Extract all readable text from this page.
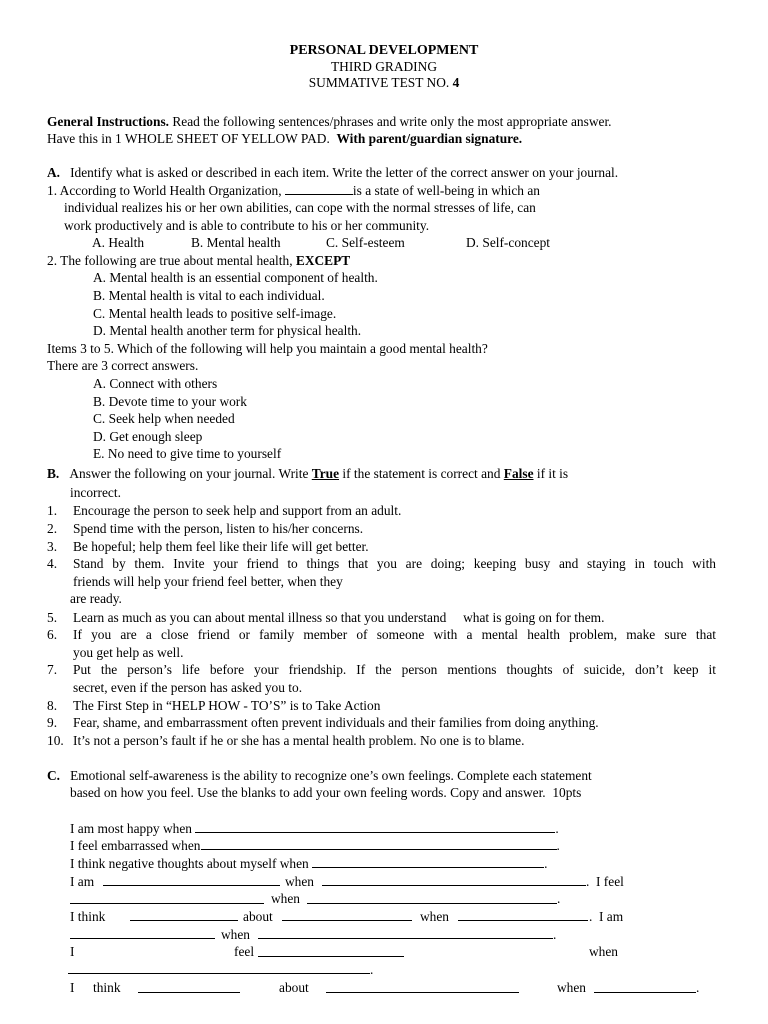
PERSONAL DEVELOPMENT
THIRD GRADING
SUMMATIVE TEST NO. 4
General Instructions. Read the following sentences/phrases and write only the most appropriate answer.
Have this in 1 WHOLE SHEET OF YELLOW PAD. With parent/guardian signature.
A. Identify what is asked or described in each item. Write the letter of the correct answer on your journal.
1. According to World Health Organization,	is a state of well-being in which an
individual realizes his or her own abilities, can cope with the normal stresses of life, can
work productively and is able to contribute to his or her community.
A. Health	B. Mental health	C. Self-esteem	D. Self-concept
2. The following are true about mental health, EXCEPT
A. Mental health is an essential component of health.
B. Mental health is vital to each individual.
C. Mental health leads to positive self-image.
D. Mental health another term for physical health.
Items 3 to 5. Which of the following will help you maintain a good mental health?
There are 3 correct answers.
A. Connect with others
B. Devote time to your work
C. Seek help when needed
D. Get enough sleep
E. No need to give time to yourself
B. Answer the following on your journal. Write True if the statement is correct and False if it is
incorrect.
1. Encourage the person to seek help and support from an adult.
2. Spend time with the person, listen to his/her concerns.
3. Be hopeful; help them feel like their life will get better.
4. Stand by them. Invite your friend to things that you are doing; keeping busy and staying in touch with
friends will help your friend feel better, when they
are ready.
5. Learn as much as you can about mental illness so that you understand     what is going on for them.
6. If you are a close friend or family member of someone with a mental health problem, make sure that
you get help as well.
7. Put the person’s life before your friendship. If the person mentions thoughts of suicide, don’t keep it
secret, even if the person has asked you to.
8. The First Step in “HELP HOW - TO’S” is to Take Action
9. Fear, shame, and embarrassment often prevent individuals and their families from doing anything.
10. It’s not a person’s fault if he or she has a mental health problem. No one is to blame.
C. Emotional self-awareness is the ability to recognize one’s own feelings. Complete each statement
based on how you feel. Use the blanks to add your own feeling words. Copy and answer.  10pts
I am most happy when	.
I feel embarrassed when	.
I think negative thoughts about myself when	.
I am	when	. I feel
when	.
I think	about	when	. I am
when	.
I	feel	when
.
I think	about	when	.
